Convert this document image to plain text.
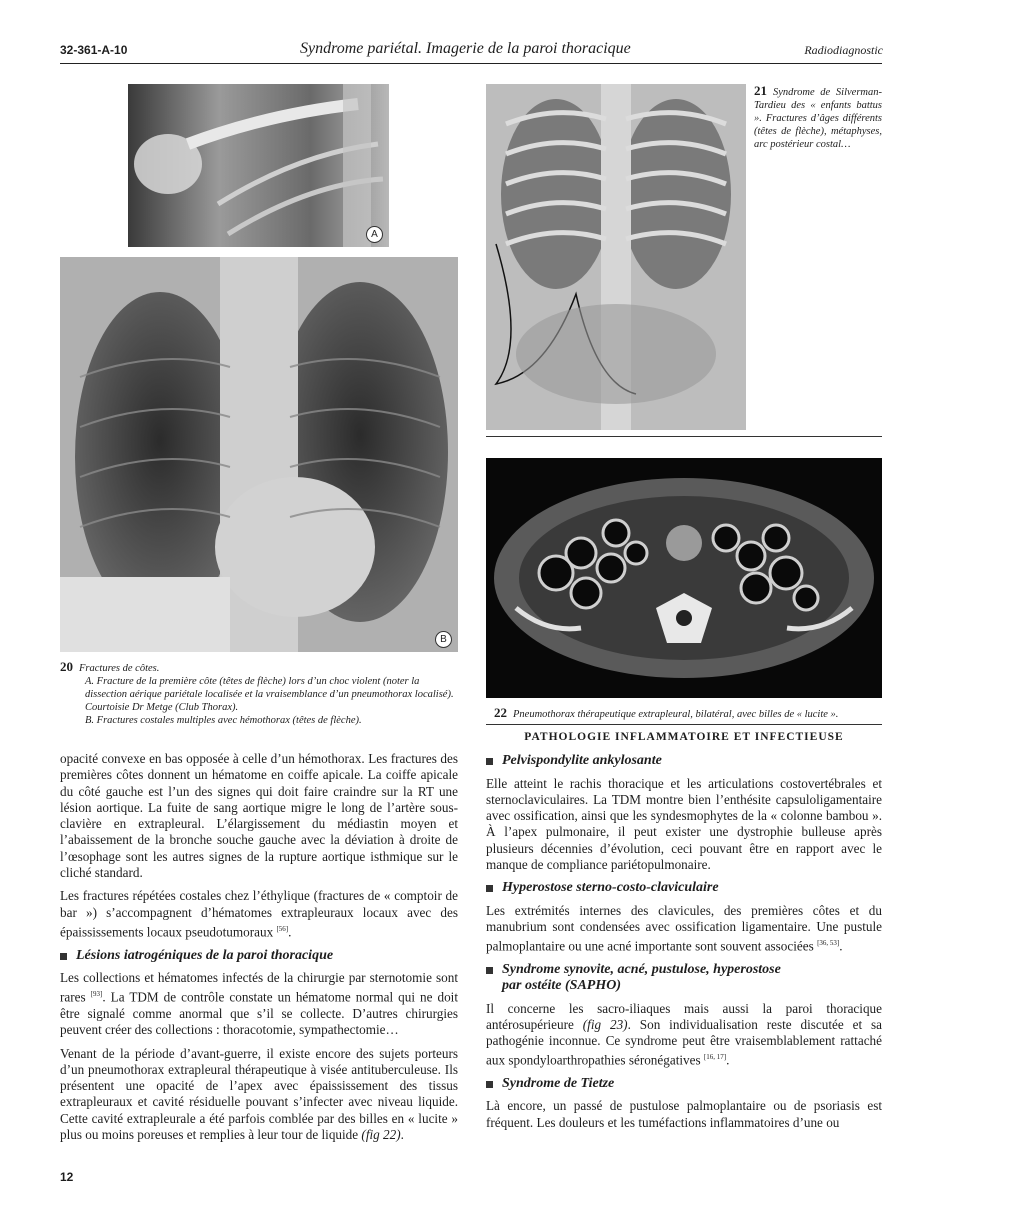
32-361-A-10	Syndrome pariétal. Imagerie de la paroi thoracique	Radiodiagnostic
A
B
20 Fractures de côtes.
A. Fracture de la première côte (têtes de flèche) lors d’un choc violent (noter la dissection aérique pariétale localisée et la vraisemblance d’un pneumothorax localisé). Courtoisie Dr Metge (Club Thorax).
B. Fractures costales multiples avec hémothorax (têtes de flèche).
21 Syndrome de Silverman-Tardieu des « enfants battus ». Fractures d’âges différents (têtes de flèche), métaphyses, arc postérieur costal…
22 Pneumothorax thérapeutique extrapleural, bilatéral, avec billes de « lucite ».

opacité convexe en bas opposée à celle d’un hémothorax. Les fractures des premières côtes donnent un hématome en coiffe apicale. La coiffe apicale du côté gauche est l’un des signes qui doit faire craindre sur la RT une lésion aortique. La fuite de sang aortique migre le long de l’artère sous-clavière en extrapleural. L’élargissement du médiastin moyen et l’abaissement de la bronche souche gauche avec la déviation à droite de l’œsophage sont les autres signes de la rupture aortique isthmique sur le cliché standard.

Les fractures répétées costales chez l’éthylique (fractures de « comptoir de bar ») s’accompagnent d’hématomes extrapleuraux locaux avec des épaississements locaux pseudotumoraux [56].

Lésions iatrogéniques de la paroi thoracique

Les collections et hématomes infectés de la chirurgie par sternotomie sont rares [93]. La TDM de contrôle constate un hématome normal qui ne doit être signalé comme anormal que s’il se collecte. D’autres chirurgies peuvent créer des collections : thoracotomie, sympathectomie…

Venant de la période d’avant-guerre, il existe encore des sujets porteurs d’un pneumothorax extrapleural thérapeutique à visée antituberculeuse. Ils présentent une opacité de l’apex avec épaississement des tissus extrapleuraux et cavité résiduelle pouvant s’infecter avec niveau liquide. Cette cavité extrapleurale a été parfois comblée par des billes en « lucite » plus ou moins poreuses et remplies à leur tour de liquide (fig 22).

PATHOLOGIE INFLAMMATOIRE ET INFECTIEUSE
Pelvispondylite ankylosante

Elle atteint le rachis thoracique et les articulations costovertébrales et sternoclaviculaires. La TDM montre bien l’enthésite capsuloligamentaire avec ossification, ainsi que les syndesmophytes de la « colonne bambou ». À l’apex pulmonaire, il peut exister une dystrophie bulleuse après plusieurs décennies d’évolution, ceci pouvant être en rapport avec le manque de compliance pariétopulmonaire.

Hyperostose sterno-costo-claviculaire

Les extrémités internes des clavicules, des premières côtes et du manubrium sont condensées avec ossification ligamentaire. Une pustule palmoplantaire ou une acné importante sont souvent associées [36, 53].

Syndrome synovite, acné, pustulose, hyperostose
par ostéite (SAPHO)

Il concerne les sacro-iliaques mais aussi la paroi thoracique antérosupérieure (fig 23). Son individualisation reste discutée et sa pathogénie inconnue. Ce syndrome peut être vraisemblablement rattaché aux spondyloarthropathies séronégatives [16, 17].

Syndrome de Tietze

Là encore, un passé de pustulose palmoplantaire ou de psoriasis est fréquent. Les douleurs et les tuméfactions inflammatoires d’une ou

12
